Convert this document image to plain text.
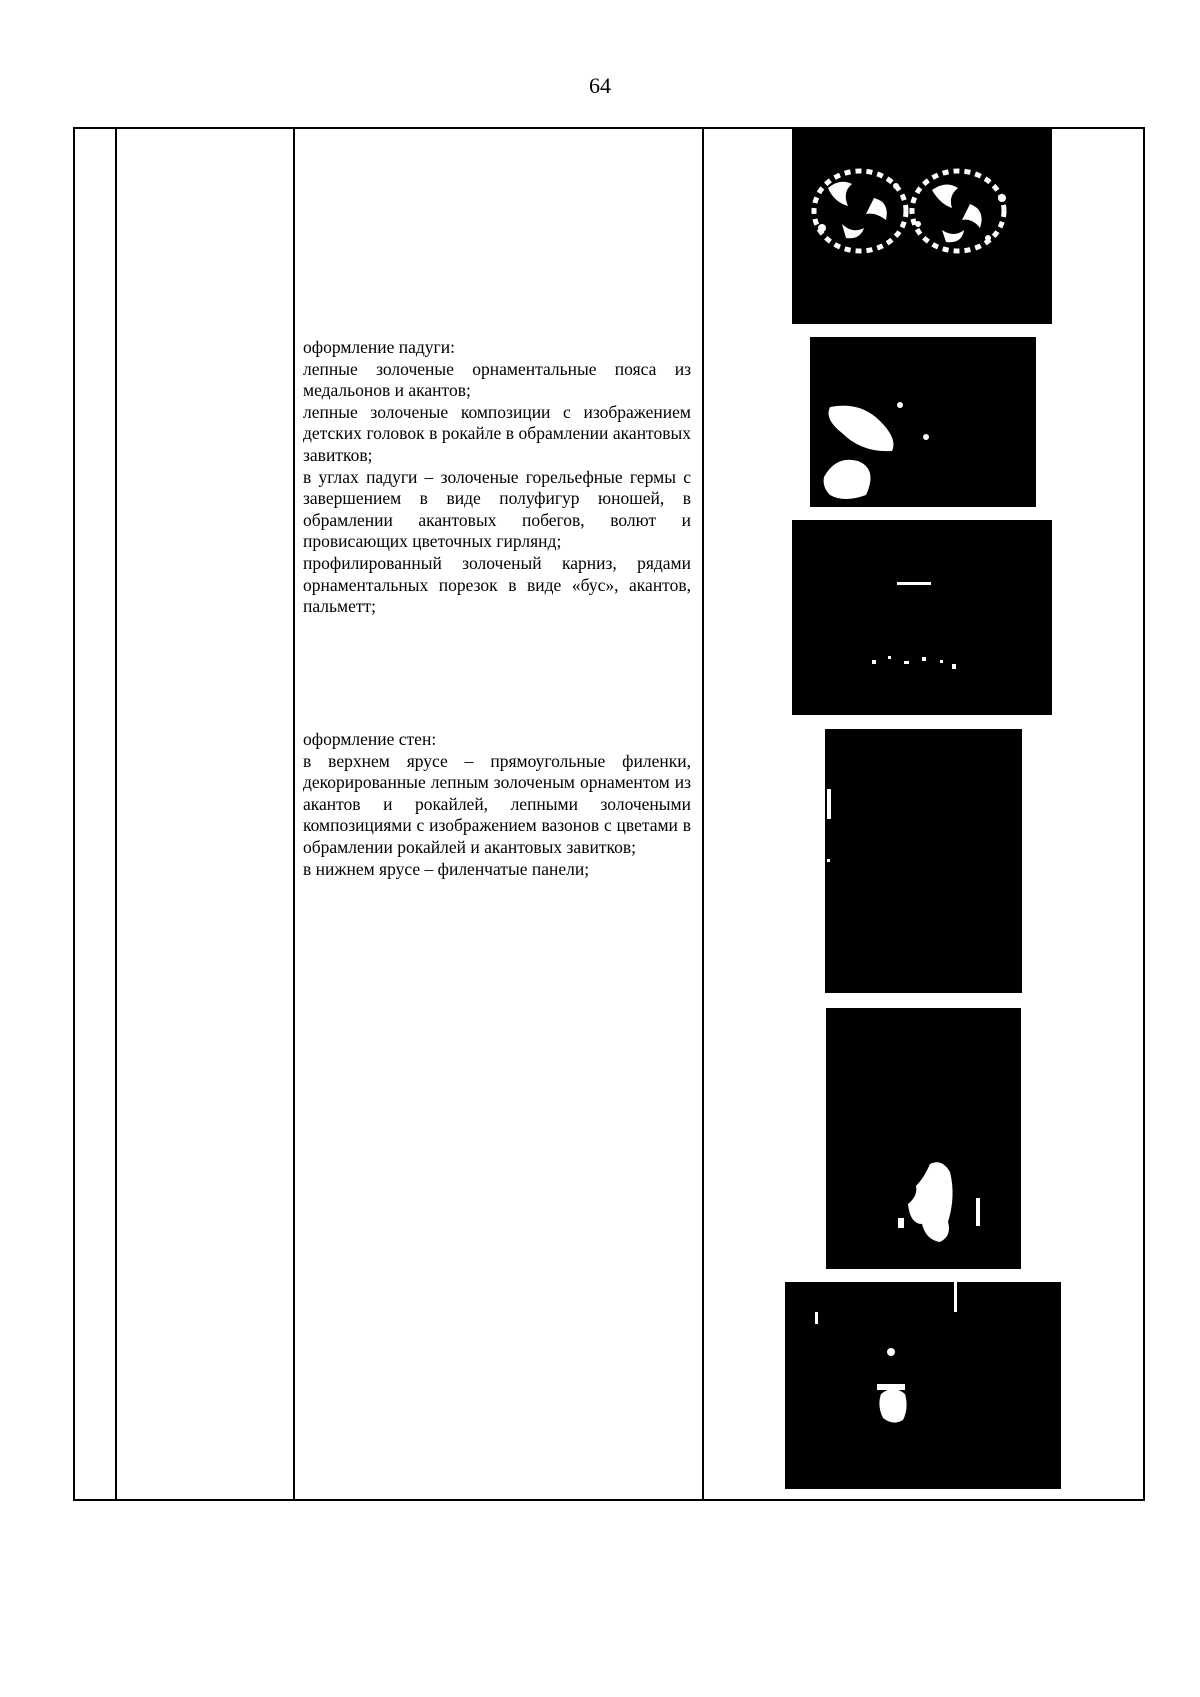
64

оформление падуги:

лепные золоченые орнаментальные пояса из медальонов и акантов;

лепные золоченые композиции с изображением детских головок в рокайле в обрамлении акантовых завитков;

в углах падуги – золоченые горельефные гермы с завершением в виде полуфигур юношей, в обрамлении акантовых побегов, волют и провисающих цветочных гирлянд;

профилированный золоченый карниз, рядами орнаментальных порезок в виде «бус», акантов, пальметт;

оформление стен:

в верхнем ярусе – прямоугольные филенки, декорированные лепным золоченым орнаментом из акантов и рокайлей, лепными золочеными композициями с изображением вазонов с цветами в обрамлении рокайлей и акантовых завитков;

в нижнем ярусе – филенчатые панели;
